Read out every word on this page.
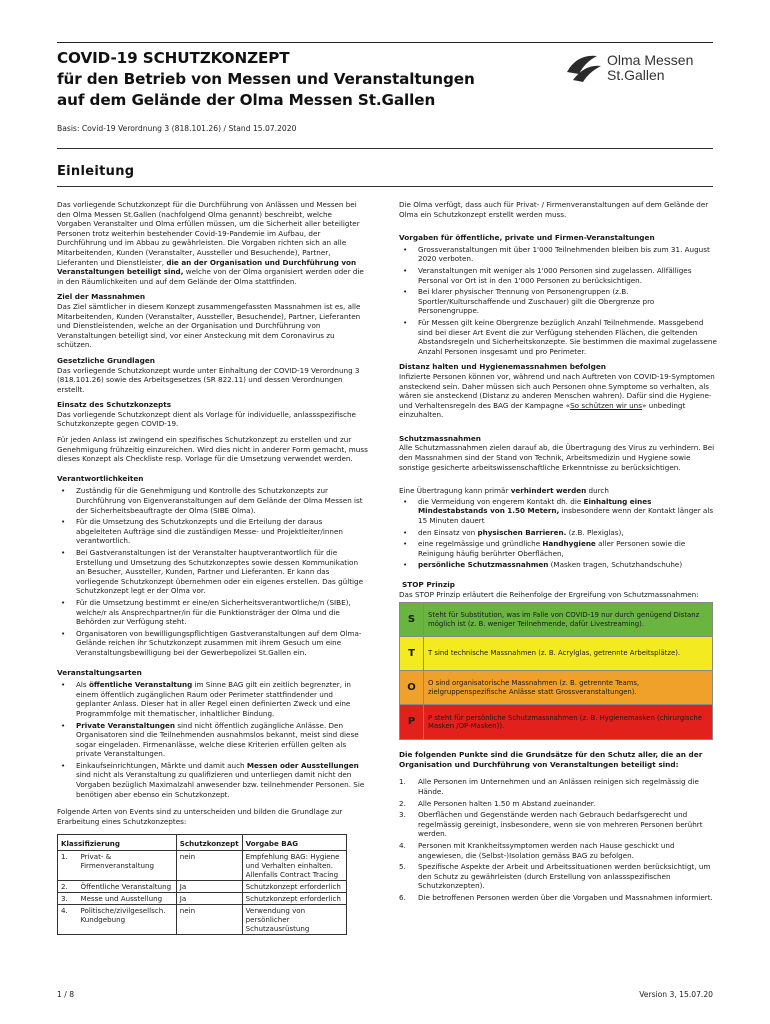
COVID-19 SCHUTZKONZEPT
für den Betrieb von Messen und Veranstaltungen
auf dem Gelände der Olma Messen St.Gallen
Olma Messen
St.Gallen
Basis: Covid-19 Verordnung 3 (818.101.26) / Stand 15.07.2020
Einleitung

Das vorliegende Schutzkonzept für die Durchführung von Anlässen und Messen bei den Olma Messen St.Gallen (nachfolgend Olma genannt) beschreibt, welche Vorgaben Veranstalter und Olma erfüllen müssen, um die Sicherheit aller beteiligter Personen trotz weiterhin bestehender Covid-19-Pandemie im Aufbau, der Durchführung und im Abbau zu gewährleisten. Die Vorgaben richten sich an alle Mitarbeitenden, Kunden (Veranstalter, Aussteller und Besuchende), Partner, Lieferanten und Dienstleister, die an der Organisation und Durchführung von Veranstaltungen beteiligt sind, welche von der Olma organisiert werden oder die in den Räumlichkeiten und auf dem Gelände der Olma stattfinden.

Ziel der Massnahmen

Das Ziel sämtlicher in diesem Konzept zusammengefassten Massnahmen ist es, alle Mitarbeitenden, Kunden (Veranstalter, Aussteller, Besuchende), Partner, Lieferanten und Dienstleistenden, welche an der Organisation und Durchführung von Veranstaltungen beteiligt sind, vor einer Ansteckung mit dem Coronavirus zu schützen.

Gesetzliche Grundlagen

Das vorliegende Schutzkonzept wurde unter Einhaltung der COVID-19 Verordnung 3 (818.101.26) sowie des Arbeitsgesetzes (SR 822.11) und dessen Verordnungen erstellt.

Einsatz des Schutzkonzepts

Das vorliegende Schutzkonzept dient als Vorlage für individuelle, anlassspezifische Schutzkonzepte gegen COVID-19.

Für jeden Anlass ist zwingend ein spezifisches Schutzkonzept zu erstellen und zur Genehmigung frühzeitig einzureichen. Wird dies nicht in anderer Form gemacht, muss dieses Konzept als Checkliste resp. Vorlage für die Umsetzung verwendet werden.

Verantwortlichkeiten
• Zuständig für die Genehmigung und Kontrolle des Schutzkonzepts zur Durchführung von Eigenveranstaltungen auf dem Gelände der Olma Messen ist der Sicherheitsbeauftragte der Olma (SIBE Olma).
• Für die Umsetzung des Schutzkonzepts und die Erteilung der daraus abgeleiteten Aufträge sind die zuständigen Messe- und Projektleiter/innen verantwortlich.
• Bei Gastveranstaltungen ist der Veranstalter hauptverantwortlich für die Erstellung und Umsetzung des Schutzkonzeptes sowie dessen Kommunikation an Besucher, Aussteller, Kunden, Partner und Lieferanten. Er kann das vorliegende Schutzkonzept übernehmen oder ein eigenes erstellen. Das gültige Schutzkonzept legt er der Olma vor.
• Für die Umsetzung bestimmt er eine/en Sicherheitsverantwortliche/n (SIBE), welche/r als Ansprechpartner/in für die Funktionsträger der Olma und die Behörden zur Verfügung steht.
• Organisatoren von bewilligungspflichtigen Gastveranstaltungen auf dem Olma-Gelände reichen ihr Schutzkonzept zusammen mit ihrem Gesuch um eine Veranstaltungsbewilligung bei der Gewerbepolizei St.Gallen ein.
Veranstaltungsarten
• Als öffentliche Veranstaltung im Sinne BAG gilt ein zeitlich begrenzter, in einem öffentlich zugänglichen Raum oder Perimeter stattfindender und geplanter Anlass. Dieser hat in aller Regel einen definierten Zweck und eine Programmfolge mit thematischer, inhaltlicher Bindung.
• Private Veranstaltungen sind nicht öffentlich zugängliche Anlässe. Den Organisatoren sind die Teilnehmenden ausnahmslos bekannt, meist sind diese sogar eingeladen. Firmenanlässe, welche diese Kriterien erfüllen gelten als private Veranstaltungen.
• Einkaufseinrichtungen, Märkte und damit auch Messen oder Ausstellungen sind nicht als Veranstaltung zu qualifizieren und unterliegen damit nicht den Vorgaben bezüglich Maximalzahl anwesender bzw. teilnehmender Personen. Sie benötigen aber ebenso ein Schutzkonzept.

Folgende Arten von Events sind zu unterscheiden und bilden die Grundlage zur Erarbeitung eines Schutzkonzeptes:

Klassifizierung		Schutzkonzept	Vorgabe BAG
1.	Privat- & Firmenveranstaltung	nein	Empfehlung BAG: Hygiene und Verhalten einhalten. Allenfalls Contract Tracing
2.	Öffentliche Veranstaltung	Ja	Schutzkonzept erforderlich
3.	Messe und Ausstellung	Ja	Schutzkonzept erforderlich
4.	Politische/zivilgesellsch. Kundgebung	nein	Verwendung von persönlicher Schutzausrüstung

Die Olma verfügt, dass auch für Privat- / Firmenveranstaltungen auf dem Gelände der Olma ein Schutzkonzept erstellt werden muss.

Vorgaben für öffentliche, private und Firmen-Veranstaltungen
• Grossveranstaltungen mit über 1'000 Teilnehmenden bleiben bis zum 31. August 2020 verboten.
• Veranstaltungen mit weniger als 1'000 Personen sind zugelassen. Allfälliges Personal vor Ort ist in den 1'000 Personen zu berücksichtigen.
• Bei klarer physischer Trennung von Personengruppen (z.B. Sportler/Kulturschaffende und Zuschauer) gilt die Obergrenze pro Personengruppe.
• Für Messen gilt keine Obergrenze bezüglich Anzahl Teilnehmende. Massgebend sind bei dieser Art Event die zur Verfügung stehenden Flächen, die geltenden Abstandsregeln und Sicherheitskonzepte. Sie bestimmen die maximal zugelassene Anzahl Personen insgesamt und pro Perimeter.
Distanz halten und Hygienemassnahmen befolgen

Infizierte Personen können vor, während und nach Auftreten von COVID-19-Symptomen ansteckend sein. Daher müssen sich auch Personen ohne Symptome so verhalten, als wären sie ansteckend (Distanz zu anderen Menschen wahren). Dafür sind die Hygiene- und Verhaltensregeln des BAG der Kampagne «So schützen wir uns» unbedingt einzuhalten.

Schutzmassnahmen

Alle Schutzmassnahmen zielen darauf ab, die Übertragung des Virus zu verhindern. Bei den Massnahmen sind der Stand von Technik, Arbeitsmedizin und Hygiene sowie sonstige gesicherte arbeitswissenschaftliche Erkenntnisse zu berücksichtigen.

Eine Übertragung kann primär verhindert werden durch

• die Vermeidung von engerem Kontakt dh. die Einhaltung eines Mindestabstands von 1.50 Metern, insbesondere wenn der Kontakt länger als 15 Minuten dauert
• den Einsatz von physischen Barrieren. (z.B. Plexiglas),
• eine regelmässige und gründliche Handhygiene aller Personen sowie die Reinigung häufig berührter Oberflächen,
• persönliche Schutzmassnahmen (Masken tragen, Schutzhandschuhe)
STOP Prinzip

Das STOP Prinzip erläutert die Reihenfolge der Ergreifung von Schutzmassnahmen:

S	Steht für Substitution, was im Falle von COVID-19 nur durch genügend Distanz möglich ist (z. B. weniger Teilnehmende, dafür Livestreaming).
T	T sind technische Massnahmen (z. B. Acrylglas, getrennte Arbeitsplätze).
O	O sind organisatorische Massnahmen (z. B. getrennte Teams, zielgruppenspezifische Anlässe statt Grossveranstaltungen).
P	P steht für persönliche Schutzmassnahmen (z. B. Hygienemasken (chirurgische Masken /OP-Masken)).
Die folgenden Punkte sind die Grundsätze für den Schutz aller, die an der Organisation und Durchführung von Veranstaltungen beteiligt sind:
1. Alle Personen im Unternehmen und an Anlässen reinigen sich regelmässig die Hände.
2. Alle Personen halten 1.50 m Abstand zueinander.
3. Oberflächen und Gegenstände werden nach Gebrauch bedarfsgerecht und regelmässig gereinigt, insbesondere, wenn sie von mehreren Personen berührt werden.
4. Personen mit Krankheitssymptomen werden nach Hause geschickt und angewiesen, die (Selbst-)Isolation gemäss BAG zu befolgen.
5. Spezifische Aspekte der Arbeit und Arbeitssituationen werden berücksichtigt, um den Schutz zu gewährleisten (durch Erstellung von anlassspezifischen Schutzkonzepten).
6. Die betroffenen Personen werden über die Vorgaben und Massnahmen informiert.
1 / 8	Version 3, 15.07.20
